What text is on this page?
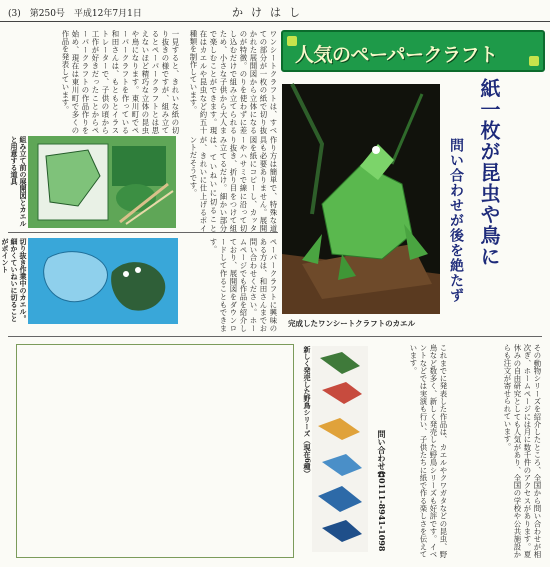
(3)　第250号　平成12年7月1日	かけはし
一見すると、きれいな紙の切り抜きの様ですが、組み立てるとペーパークラフトとは思えないほど精巧な立体の昆虫や鳥になります。東川町でペーパークラフトを作っている和田さんは、もともとイラストレーターで、子供の頃から工作が好きだったことからペーパークラフトの作品作りを始め、現在は東川町で多くの作品を発表しています。	ワンシートクラフトは、すべての部分が一枚の紙で切り抜かれた展開図から立体になるのが特徴。のりを使わずに差し込むだけで組み立てられるため、小さな子供から大人まで楽しむことができます。現在はカエルや昆虫など約五十種類を制作しています。
組み立て前の展開図とカエルと用意する道具	作り方は簡単で、特殊な道具も必要ありません。展開図を紙にコピーし、カッターやハサミで線に沿って切り抜き、折り目をつけて組み立てるだけ。細かい部分は、ていねいに切ることが、きれいに仕上げるポイントだそうです。
切り抜き作業中のカエル。細かくていねいに切ることがポイント	ペーパークラフトに興味のある方は、和田さんまでお問い合わせください。ホームページでも作品を紹介しており、展開図をダウンロードして作ることもできます。
人気のペーパークラフト
完成したワンシートクラフトのカエル
紙一枚が昆虫や鳥に
問い合わせが後を絶たず
新しく発売した野鳥シリーズ（現在6種）
問い合わせ☎0111-8941-1098	これまでに発表した作品は、カエルやクワガタなどの昆虫、野鳥など数多く、新しく発売した野鳥シリーズも好評です。イベントなどでは実演も行い、子供たちに紙で作る楽しさを伝えています。	その動物シリーズを紹介したところ、全国から問い合わせが相次ぎ、ホームページには月に数千件のアクセスがあります。夏休みの自由研究としても人気があり、全国の学校や公共施設からも注文が寄せられています。
